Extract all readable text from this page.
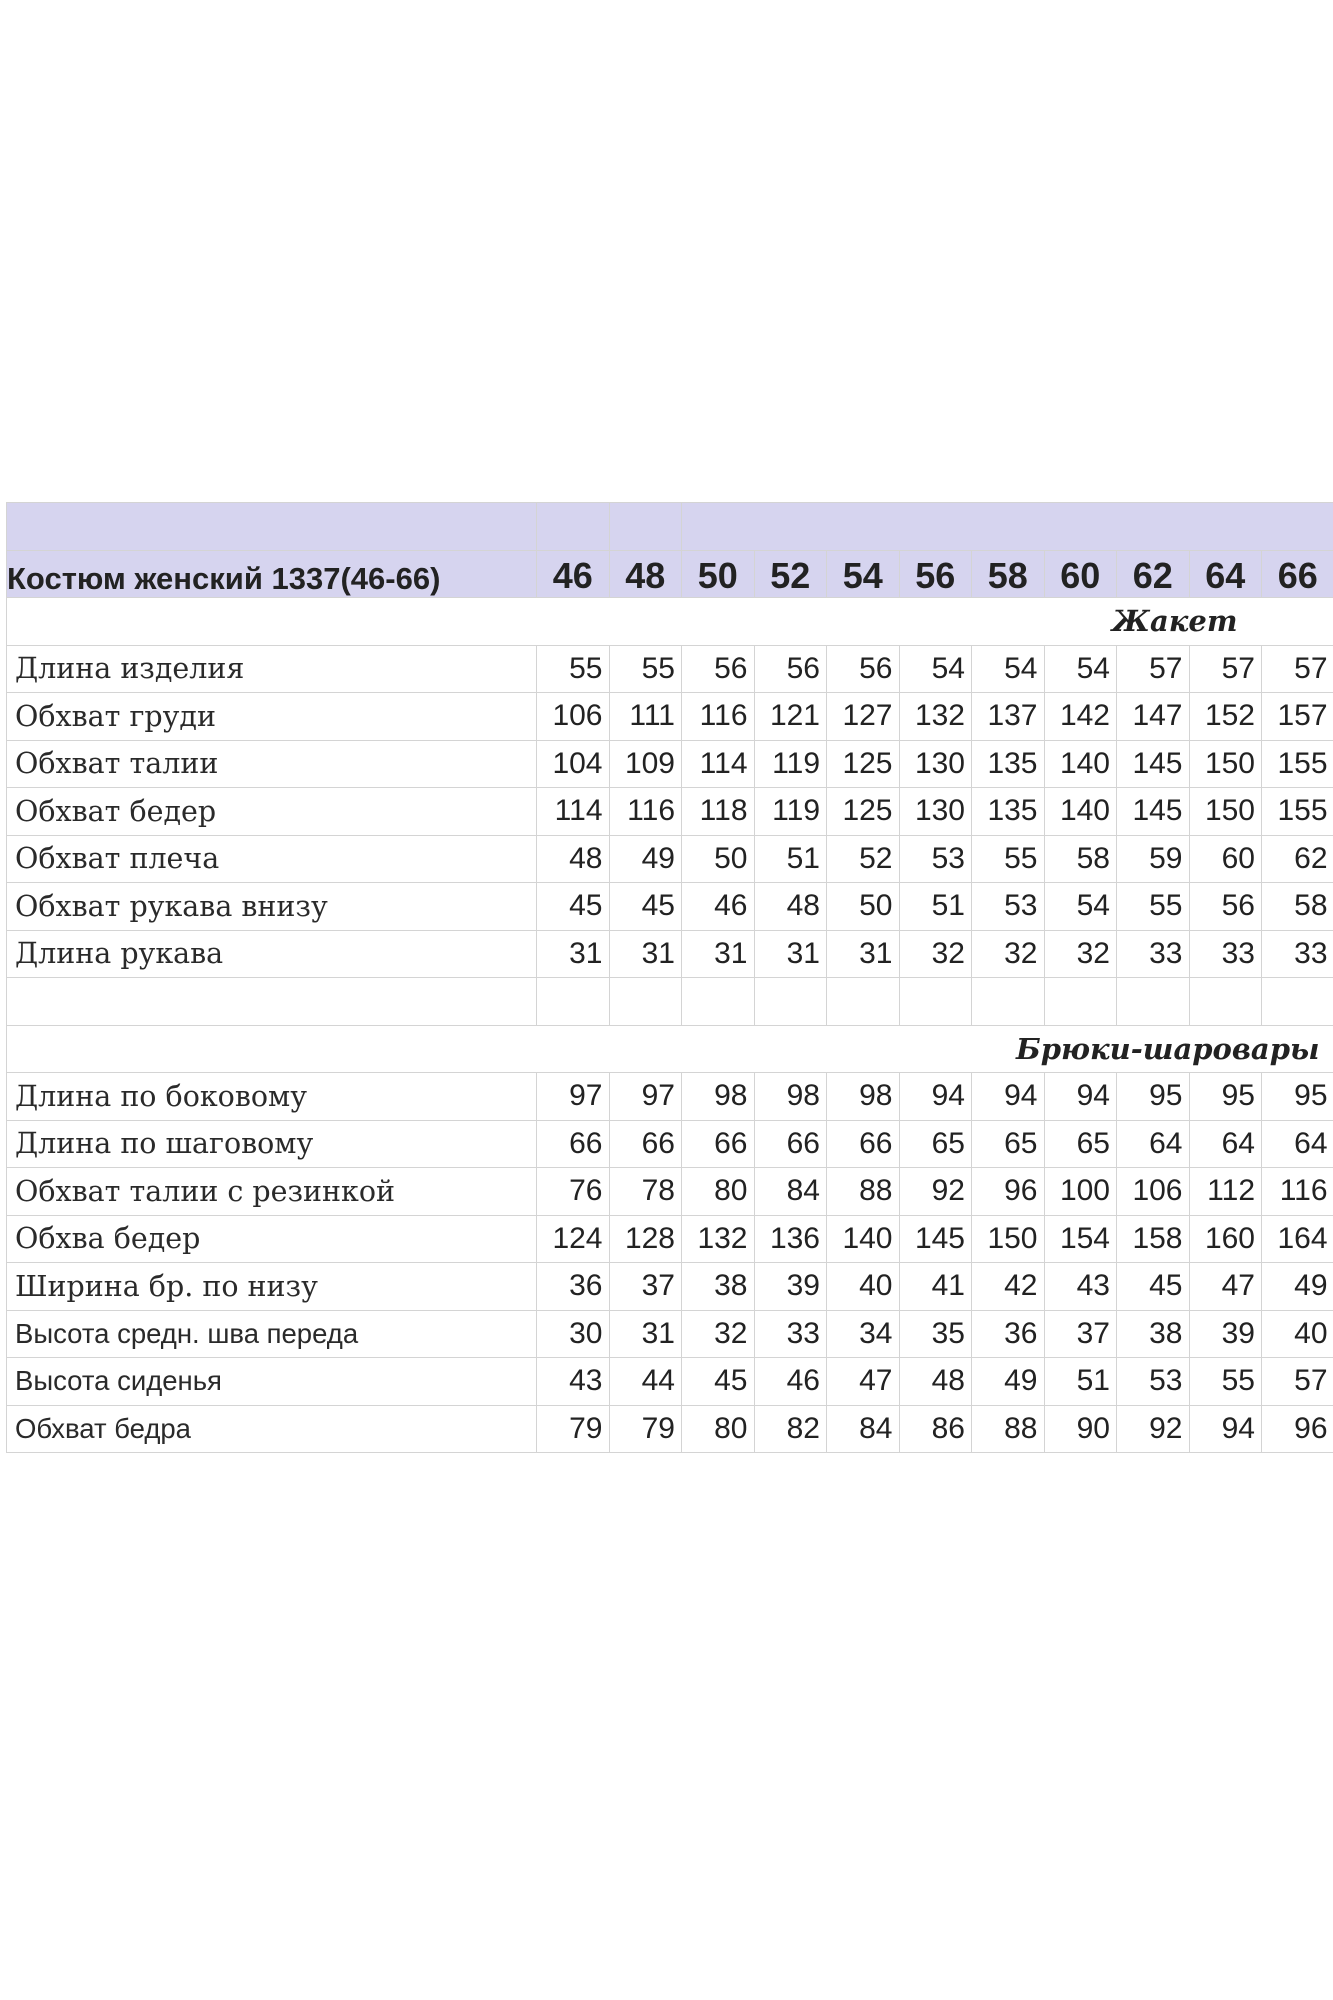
Костюм женский 1337(46-66)	46	48	50	52	54	56	58	60	62	64	66
Жакет											
Длина изделия	55	55	56	56	56	54	54	54	57	57	57
Обхват груди	106	111	116	121	127	132	137	142	147	152	157
Обхват талии	104	109	114	119	125	130	135	140	145	150	155
Обхват бедер	114	116	118	119	125	130	135	140	145	150	155
Обхват плеча	48	49	50	51	52	53	55	58	59	60	62
Обхват рукава внизу	45	45	46	48	50	51	53	54	55	56	58
Длина рукава	31	31	31	31	31	32	32	32	33	33	33

Брюки-шаровары											
Длина по боковому	97	97	98	98	98	94	94	94	95	95	95
Длина по шаговому	66	66	66	66	66	65	65	65	64	64	64
Обхват талии с резинкой	76	78	80	84	88	92	96	100	106	112	116
Обхва бедер	124	128	132	136	140	145	150	154	158	160	164
Ширина бр. по низу	36	37	38	39	40	41	42	43	45	47	49
Высота средн. шва переда	30	31	32	33	34	35	36	37	38	39	40
Высота сиденья	43	44	45	46	47	48	49	51	53	55	57
Обхват бедра	79	79	80	82	84	86	88	90	92	94	96
